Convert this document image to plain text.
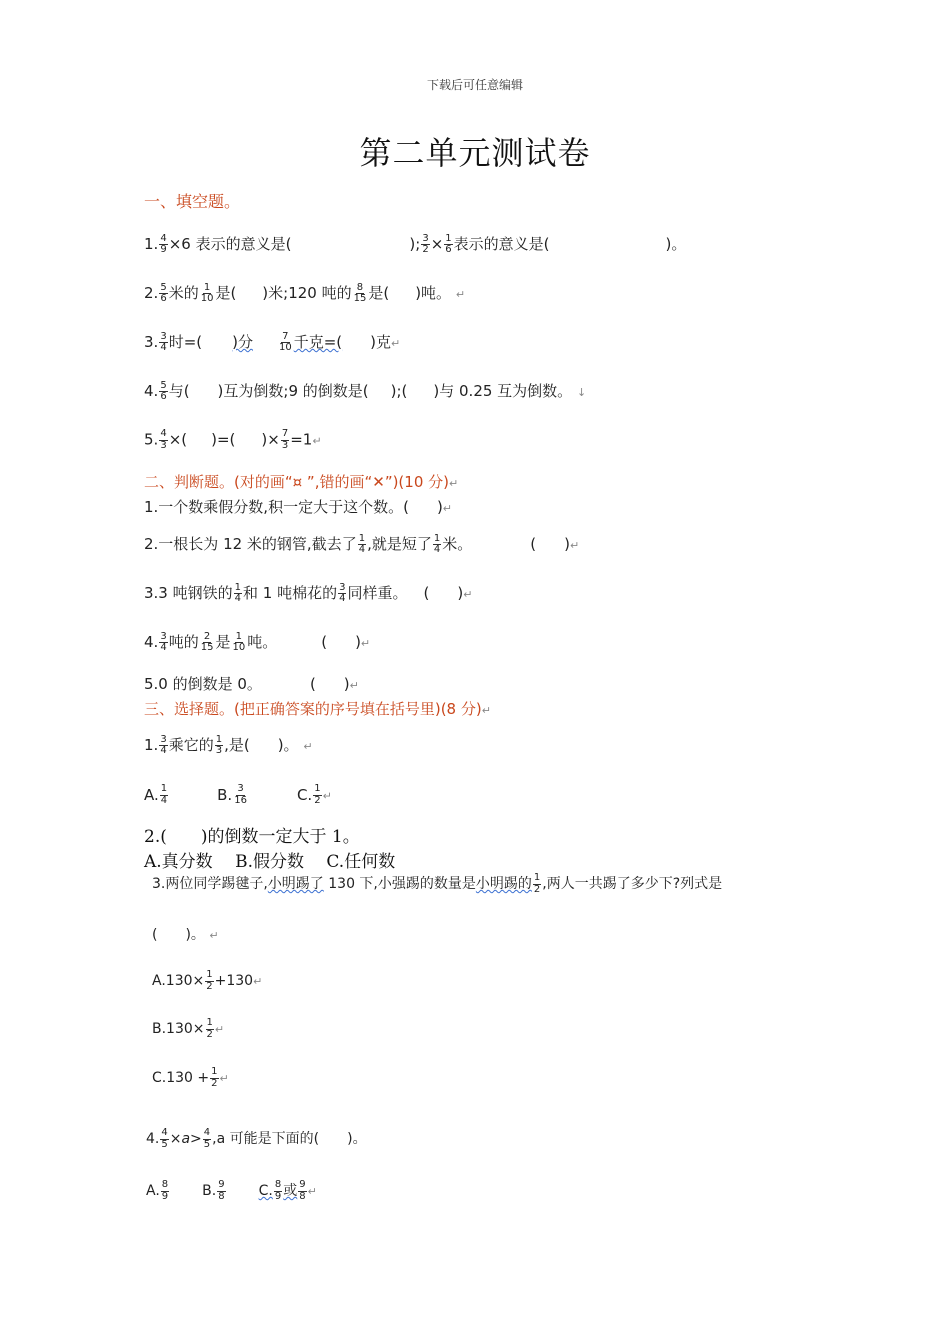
下载后可任意编辑
第二单元测试卷
一、填空题。
1. $\frac{4}{9} \times 6$ 表示的意义是(	); $\frac{3}{2} \times \frac{1}{6}$ 表示的意义是(	)。
2. $\frac{5}{6}$ 米的 $\frac{1}{10}$ 是( )米;120 吨的 $\frac{8}{15}$ 是( )吨。 ↵
3. $\frac{3}{4}$ 时=( )分	$\frac{7}{10}$ 千克=( )克↵
4. $\frac{5}{6}$ 与( )互为倒数;9 的倒数是( );( )与 0.25 互为倒数。 ↓
5. $\frac{4}{3}$ ×( )=( )× $\frac{7}{3}$ =1↵
二、判断题。(对的画“¤ ”,错的画“✕”)(10 分)↵
1.一个数乘假分数,积一定大于这个数。( )↵
2.一根长为 12 米的钢管,截去了 $\frac{1}{4}$ ,就是短了 $\frac{1}{4}$ 米。	( )↵
3.3 吨钢铁的 $\frac{1}{4}$ 和 1 吨棉花的 $\frac{3}{4}$ 同样重。 ( )↵
4. $\frac{3}{4}$ 吨的 $\frac{2}{15}$ 是 $\frac{1}{10}$ 吨。	( )↵
5.0 的倒数是 0。	( )↵
三、选择题。(把正确答案的序号填在括号里)(8 分)↵
1. $\frac{3}{4}$ 乘它的 $\frac{1}{3}$ ,是( )。 ↵
A. $\frac{1}{4}$	B. $\frac{3}{16}$	C. $\frac{1}{2}$ ↵
2.(　　)的倒数一定大于 1。
A.真分数　 B.假分数　 C.任何数
3.两位同学踢毽子,小明踢了 130 下,小强踢的数量是小明踢的 $\frac{1}{2}$ ,两人一共踢了多少下?列式是
(　　)。 ↵
$A.130\times \frac{1}{2}$ +130↵
$B.130\times \frac{1}{2}$ ↵
$C.130 + \frac{1}{2}$ ↵
4. $\frac{4}{5} \times a> \frac{4}{5} ,a$ 可能是下面的( )。
A. $\frac{8}{9} B$. $\frac{9}{8} C$. $\frac{8}{9}$ 或 $\frac{9}{8}$ ↵
